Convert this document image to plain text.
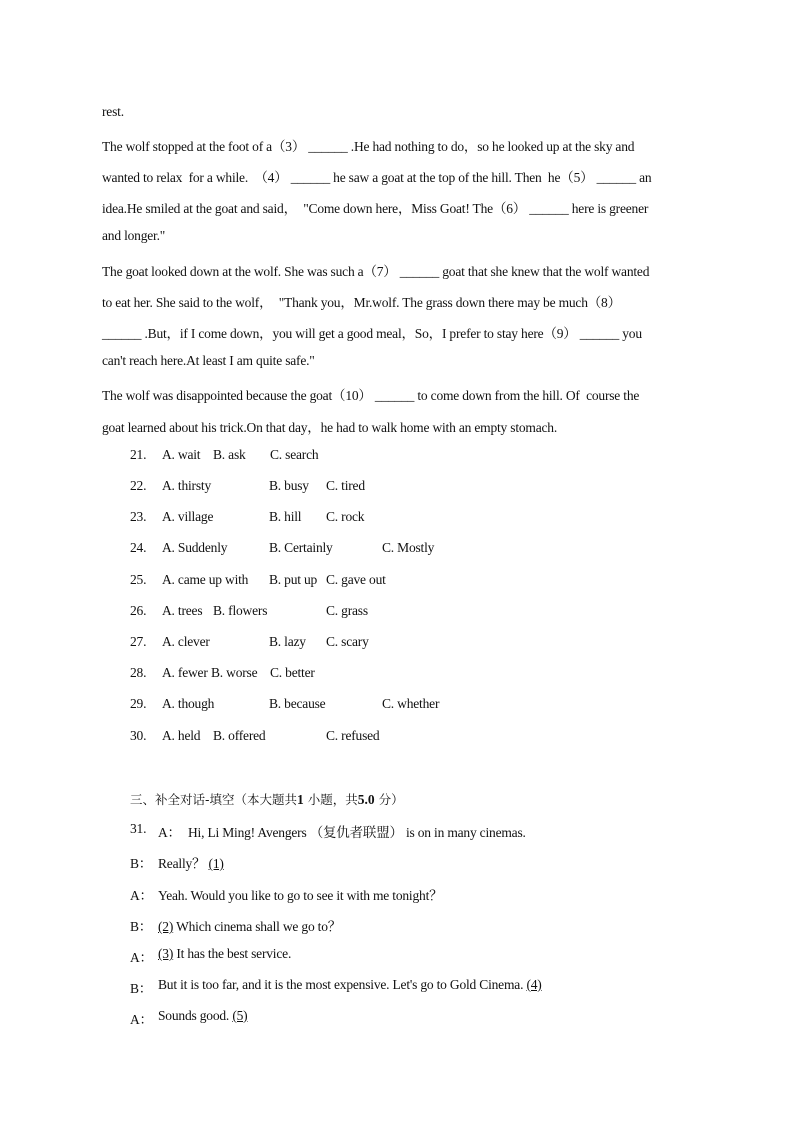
rest.
The wolf stopped at the foot of a（3） ______ .He had nothing to do，so he looked up at the sky and
wanted to relax  for a while.  （4） ______ he saw a goat at the top of the hill. Then  he（5） ______ an
idea.He smiled at the goat and said，  "Come down here，Miss Goat! The（6） ______ here is greener
and longer."
The goat looked down at the wolf. She was such a（7） ______ goat that she knew that the wolf wanted
to eat her. She said to the wolf，  "Thank you，Mr.wolf. The grass down there may be much（8）
______ .But，if I come down，you will get a good meal，So，I prefer to stay here（9） ______ you
can't reach here.At least I am quite safe."
The wolf was disappointed because the goat（10） ______ to come down from the hill. Of  course the
goat learned about his trick.On that day，he had to walk home with an empty stomach.
21. A. wait B. ask C. search
22. A. thirsty	B. busy C. tired
23. A. village	B. hill C. rock
24. A. Suddenly	B. Certainly	C. Mostly
25. A. came up with B. put up C. gave out
26. A. trees B. flowers	C. grass
27. A. clever	B. lazy C. scary
28. A. fewer B. worse C. better
29. A. though	B. because	C. whether
30. A. held B. offered	C. refused
三、补全对话-填空（本大题共1 小题，共5.0 分）
31. A： Hi, Li Ming! Avengers （复仇者联盟） is on in many cinemas.
B： Really？ (1)
A： Yeah. Would you like to go to see it with me tonight？
B： (2) Which cinema shall we go to？
A： (3) It has the best service.
B： But it is too far, and it is the most expensive. Let's go to Gold Cinema. (4)
A： Sounds good. (5)
